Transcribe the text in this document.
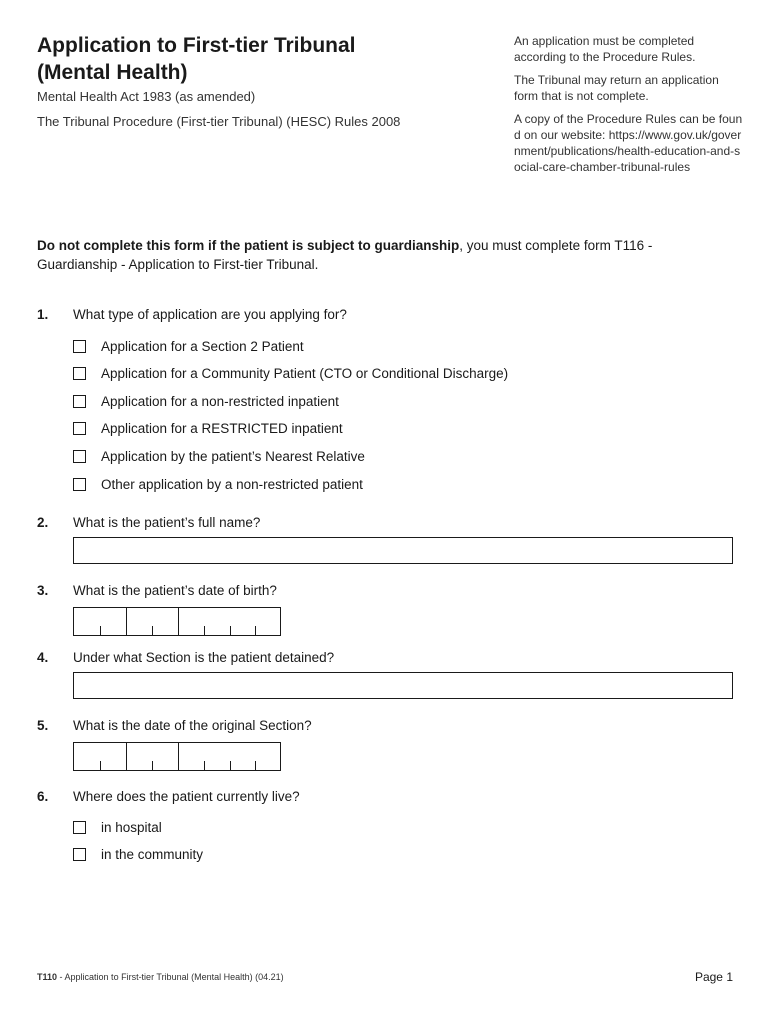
Application to First-tier Tribunal
(Mental Health)

Mental Health Act 1983 (as amended)

The Tribunal Procedure (First-tier Tribunal) (HESC) Rules 2008

An application must be completed according to the Procedure Rules.

The Tribunal may return an application form that is not complete.

A copy of the Procedure Rules can be found on our website: https://www.gov.uk/government/publications/health-education-and-social-care-chamber-tribunal-rules

Do not complete this form if the patient is subject to guardianship, you must complete form T116 - Guardianship - Application to First-tier Tribunal.

1. What type of application are you applying for?
Application for a Section 2 Patient
Application for a Community Patient (CTO or Conditional Discharge)
Application for a non-restricted inpatient
Application for a RESTRICTED inpatient
Application by the patient’s Nearest Relative
Other application by a non-restricted patient
2. What is the patient’s full name?
3. What is the patient’s date of birth?
4. Under what Section is the patient detained?
5. What is the date of the original Section?
6. Where does the patient currently live?
in hospital
in the community
T110 - Application to First-tier Tribunal (Mental Health) (04.21)	Page 1
